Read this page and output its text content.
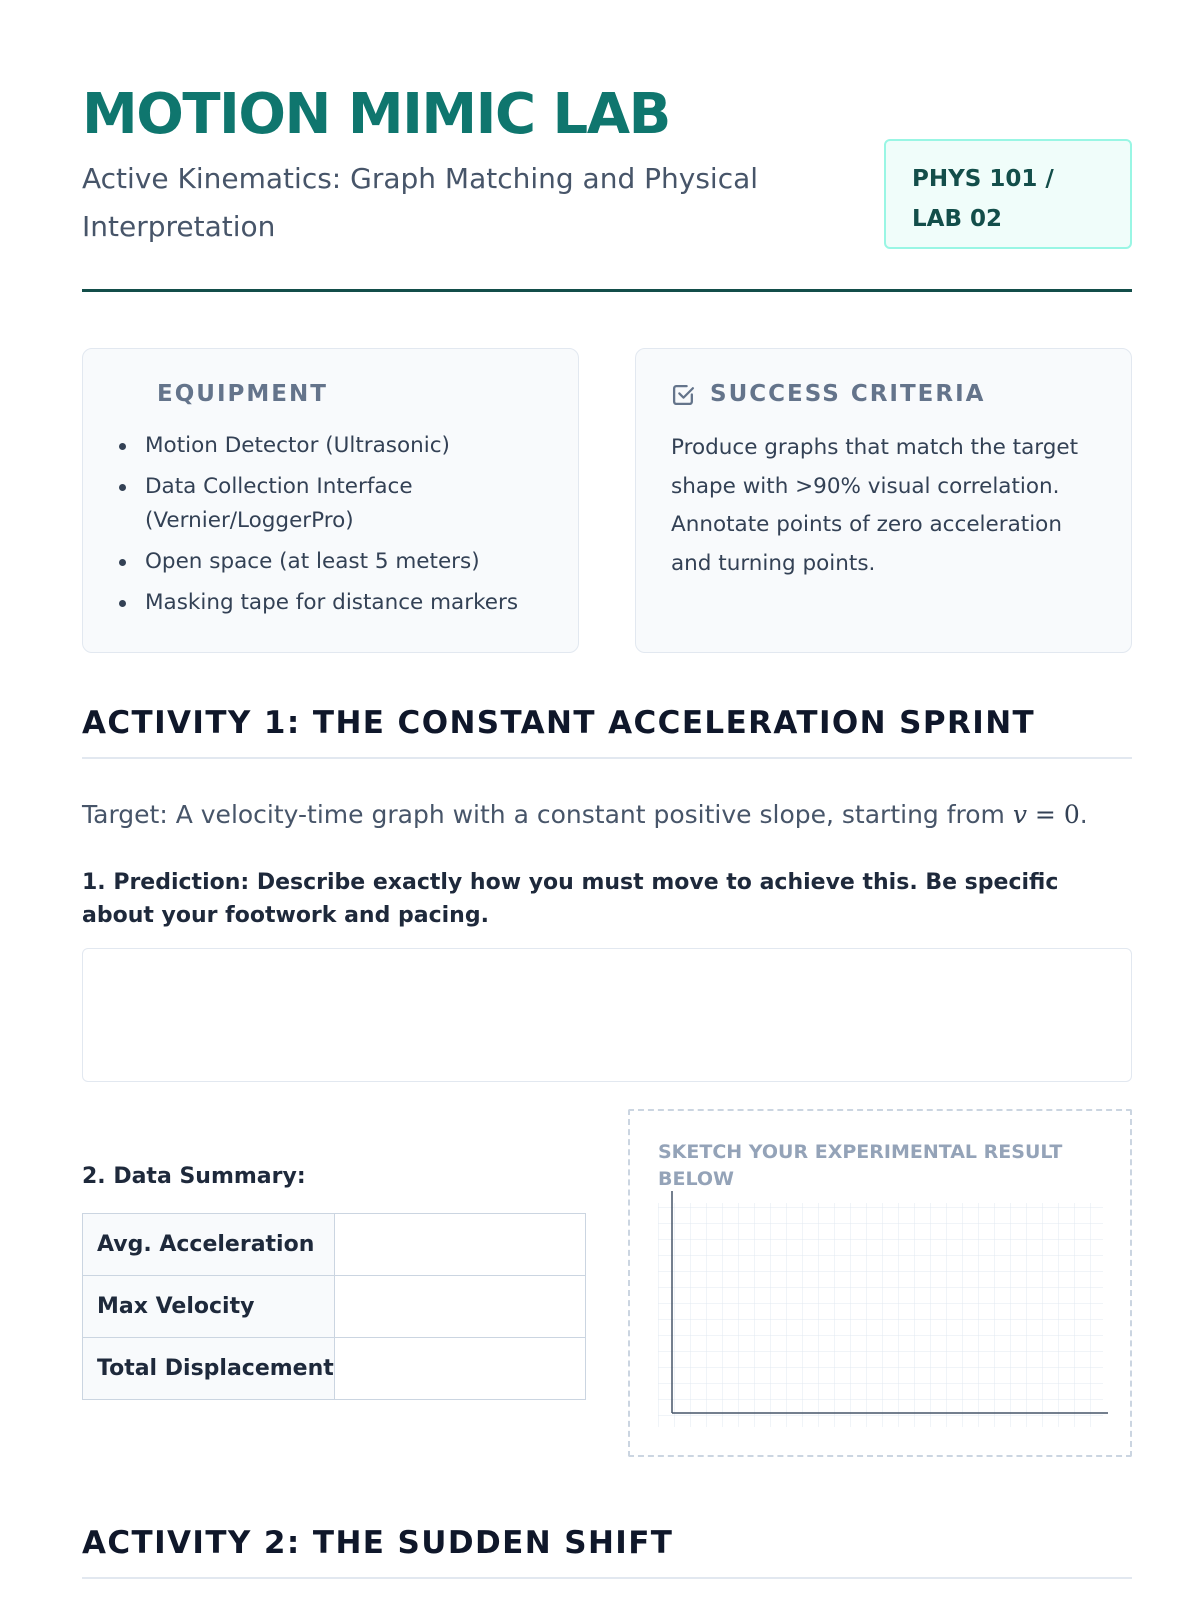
MOTION MIMIC LAB
Active Kinematics: Graph Matching and Physical Interpretation
PHYS 101 / LAB 02
EQUIPMENT
Motion Detector (Ultrasonic)
Data Collection Interface (Vernier/LoggerPro)
Open space (at least 5 meters)
Masking tape for distance markers
SUCCESS CRITERIA
Produce graphs that match the target shape with >90% visual correlation. Annotate points of zero acceleration and turning points.
ACTIVITY 1: THE CONSTANT ACCELERATION SPRINT
Target: A velocity-time graph with a constant positive slope, starting from v = 0.
1. Prediction: Describe exactly how you must move to achieve this. Be specific about your footwork and pacing.
2. Data Summary:
Avg. Acceleration	
Max Velocity	
Total Displacement	
SKETCH YOUR EXPERIMENTAL RESULT BELOW
ACTIVITY 2: THE SUDDEN SHIFT
